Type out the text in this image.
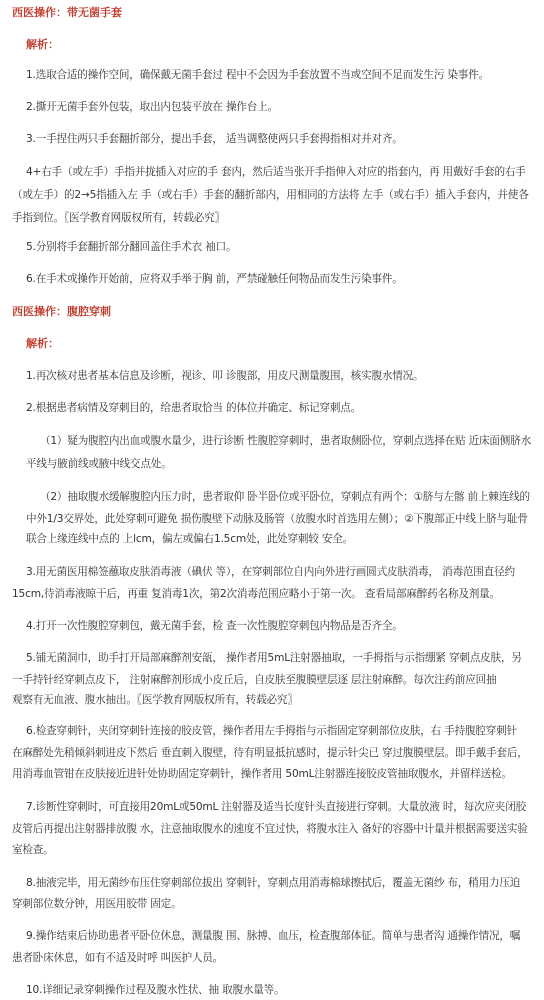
西医操作：带无菌手套
解析：
1.选取合适的操作空间，确保戴无菌手套过 程中不会因为手套放置不当或空间不足而发生污 染事件。
2.撕开无菌手套外包装，取出内包装平放在 操作台上。
3.一手捏住两只手套翻折部分，提出手套， 适当调整使两只手套拇指相对并对齐。
4+右手（或左手）手指并拢插入对应的手 套内，然后适当张开手指伸入对应的指套内，再 用戴好手套的右手
（或左手）的2→5指插入左 手（或右手）手套的翻折部内，用相同的方法将 左手（或右手）插入手套内，并使各
手指到位。〖医学教育网版权所有，转载必究〗
5.分别将手套翻折部分翻回盖住手术衣 袖口。
6.在手术或操作开始前，应将双手举于胸 前，严禁碰触任何物品而发生污染事件。
西医操作：腹腔穿刺
解析：
1.再次核对患者基本信息及诊断，视诊、叩 诊腹部，用皮尺测量腹围，核实腹水情况。
2.根据患者病情及穿刺目的，给患者取恰当 的体位并确定、标记穿刺点。
（1）疑为腹腔内出血或腹水量少，进行诊断 性腹腔穿刺时，患者取侧卧位，穿刺点选择在贴 近床面侧脐水
平线与腋前线或腋中线交点处。
（2）抽取腹水缓解腹腔内压力时，患者取仰 卧半卧位或平卧位，穿刺点有两个：①脐与左髂 前上棘连线的
中外1/3交界处，此处穿刺可避免 损伤腹壁下动脉及肠管（放腹水时首选用左侧）；②下腹部正中线上脐与耻骨
联合上缘连线中点的 上lcm，偏左或偏右1.5cm处，此处穿刺较 安全。
3.用无菌医用棉签蘸取皮肤消毒液（碘伏 等），在穿刺部位自内向外进行画圆式皮肤消毒， 消毒范围直径约
15cm,待消毒液晾干后，再重 复消毒1次，第2次消毒范围应略小于第一次。 查看局部麻醉药名称及剂量。
4.打开一次性腹腔穿刺包，戴无菌手套，检 查一次性腹腔穿刺包内物品是否齐全。
5.铺无菌洞巾，助手打开局部麻醉剂安瓿， 操作者用5mL注射器抽取，一手拇指与示指绷紧 穿刺点皮肤，另
一手持针经穿刺点皮下， 注射麻醉剂形成小皮丘后，自皮肤至腹膜壁层逐 层注射麻醉。每次注药前应回抽
观察有无血液、腹水抽出。〖医学教育网版权所有，转载必究〗
6.检查穿刺针，夹闭穿刺针连接的胶皮管，操作者用左手拇指与示指固定穿刺部位皮肤，右 手持腹腔穿刺针
在麻醉处先稍倾斜刺进皮下然后 垂直刺入腹壁，待有明显抵抗感时，提示针尖已 穿过腹膜壁层。即手戴手套后，
用消毒血管钳在皮肤接近进针处协助固定穿刺针，操作者用 50mL注射器连接胶皮管抽取腹水，并留样送检。
7.诊断性穿刺时，可直接用20mL或50mL 注射器及适当长度针头直接进行穿刺。大量放液 时，每次应夹闭胶
皮管后再提出注射器排放腹 水，注意抽取腹水的速度不宜过快，将腹水注入 备好的容器中计量并根据需要送实验
室检查。
8.抽液完毕，用无菌纱布压住穿刺部位拔出 穿刺针，穿刺点用消毒棉球擦拭后，覆盖无菌纱 布，稍用力压迫
穿刺部位数分钟，用医用胶带 固定。
9.操作结束后协助患者平卧位休息，测量腹 围、脉搏、血压，检查腹部体征。简单与患者沟 通操作情况，嘱
患者卧床休息，如有不适及时呼 叫医护人员。
10.详细记录穿刺操作过程及腹水性状、抽 取腹水量等。
